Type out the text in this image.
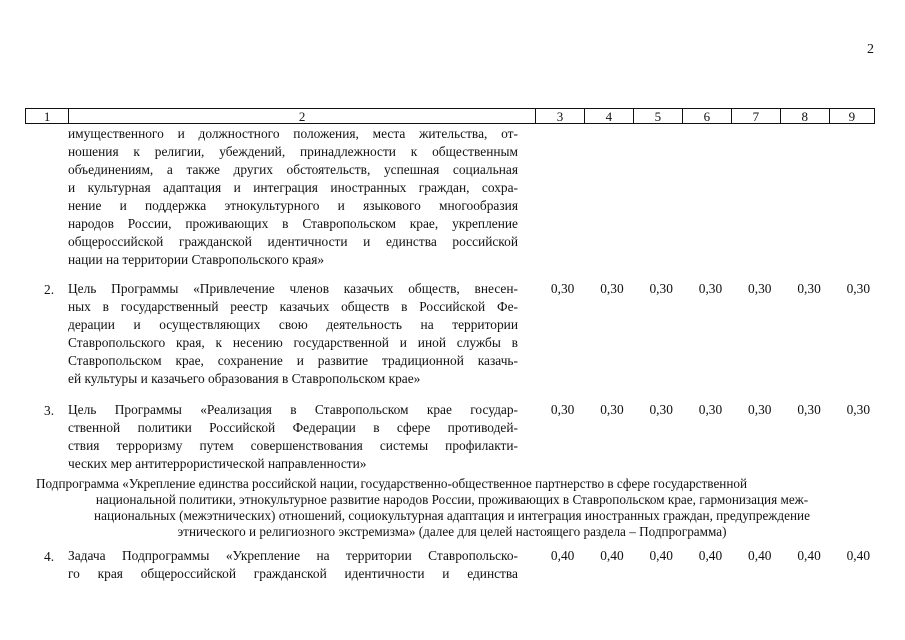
2
1	2	3	4	5	6	7	8	9
имущественного и должностного положения, места жительства, от-
ношения к религии, убеждений, принадлежности к общественным
объединениям, а также других обстоятельств, успешная социальная
и культурная адаптация и интеграция иностранных граждан, сохра-
нение и поддержка этнокультурного и языкового многообразия
народов России, проживающих в Ставропольском крае, укрепление
общероссийской гражданской идентичности и единства российской
нации на территории Ставропольского края»
2. Цель Программы «Привлечение членов казачьих обществ, внесен-
ных в государственный реестр казачьих обществ в Российской Фе-
дерации и осуществляющих свою деятельность на территории
Ставропольского края, к несению государственной и иной службы в
Ставропольском крае, сохранение и развитие традиционной казачь-
ей культуры и казачьего образования в Ставропольском крае»
0,30	0,30	0,30	0,30	0,30	0,30	0,30
3. Цель Программы «Реализация в Ставропольском крае государ-
ственной политики Российской Федерации в сфере противодей-
ствия терроризму путем совершенствования системы профилакти-
ческих мер антитеррористической направленности»
0,30	0,30	0,30	0,30	0,30	0,30	0,30
Подпрограмма «Укрепление единства российской нации, государственно-общественное партнерство в сфере государственной
национальной политики, этнокультурное развитие народов России, проживающих в Ставропольском крае, гармонизация меж-
национальных (межэтнических) отношений, социокультурная адаптация и интеграция иностранных граждан, предупреждение
этнического и религиозного экстремизма» (далее для целей настоящего раздела – Подпрограмма)
4. Задача Подпрограммы «Укрепление на территории Ставропольско-
го края общероссийской гражданской идентичности и единства
0,40	0,40	0,40	0,40	0,40	0,40	0,40
